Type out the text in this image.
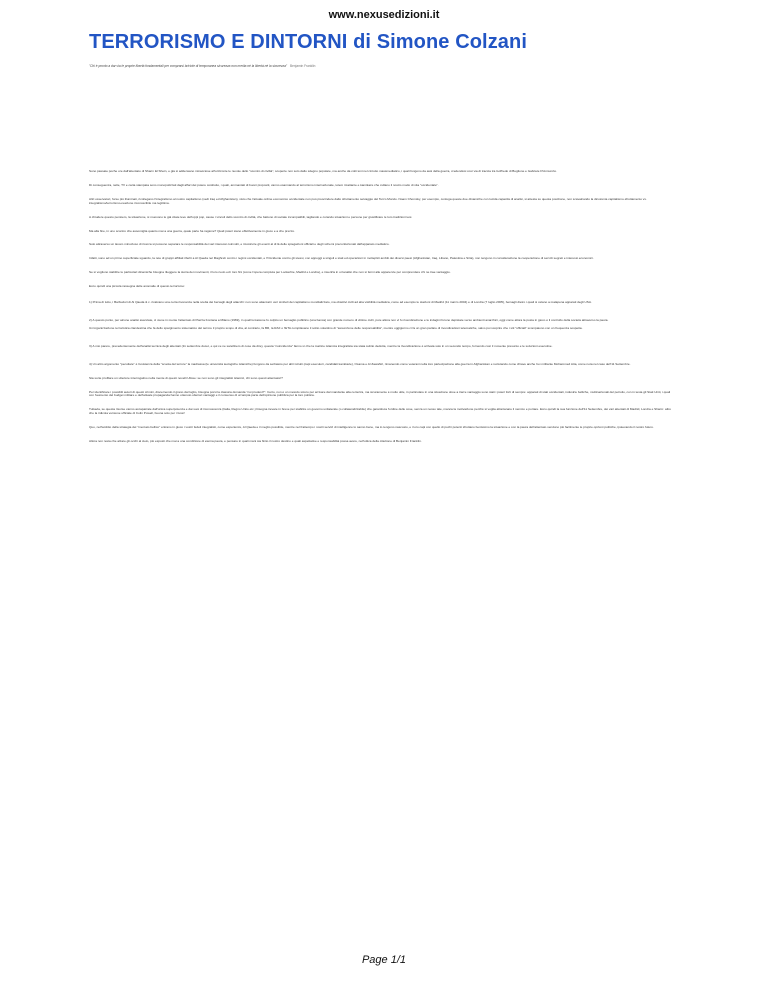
www.nexusedizioni.it
TERRORISMO E DINTORNI di Simone Colzani
"Chi è pronto a dar via le proprie libertà fondamentali per comprarsi briciole di temporanea sicurezza non merita né la libertà né la sicurezza" Benjamin Franklin
Sono passate poche ore dall'attentato di Sharm El Shein, e già si addensano minacciose all'orizzonte le nuvole dello "scontro di civiltà", scoperte non solo dallo sdegno popolare, ma anche da colti toni nel circuito massmediatico, i quali fungono da assi della guerra, credendosi così via di traccia tra Goffredo di Buglione e Gabriele D'Annunzio.
Di conseguenza, nelle, TV e carta stampata sono monopolizzati dagli affari del potere costituito, i quali, ammantati di buoni propositi, vanno osannando al terrorismo internazionale, totem ricattante e kamikaze che cullano il nostro modo di vita "occidentale".
Altri osservatori, forse più illuminati, ricollegano l'integralismo al nostro capitalismo (vedi Iraq ed Afghanistan), visto che l'attuale ordine economico occidentale non può prescindere dallo sfruttamento selvaggio del Terzo Mondo. Noam Chomsky, per esempio, coniuga queste due dinamiche con lucida capacità di analisi, si attesta su questa posizione, non scavalcando la dicotomia capitalismo-sfruttamento vs. integralismo/terrorismo-reazione riconoscibile ma legittima.
A chiudere questo pensiero, la situazione, si muovono le già citate leve dell'oppi pop, cause i vincoli dello scontro di civiltà, che battono di sociale incompatibili, tagliando e curando situazioni e persone per giustificare le loro tradizioni tesi.
Ma alla fine, in uno scontro che assomiglia quanto mai a una guerra, quale parte ha ragione? Quali poteri siano effettivamente in gioco e a che prezzo.
Solo attraverso un lavoro minuzioso di ricerca si possono separare le responsabilità dei vari interessi coinvolti, e ricostruire gli eventi al di là delle spiegazioni ufficiali e degli schemi preconfezionati dall'apparato mediatico.
Infatti, sono ad un primo superficiale sguardo, la rete di gruppi affiliati riferiti a Al Qaeda nel Maghreb contro i regimi occidentali, e l'Occidente contro gli stessi, con appoggi a singoli e stati ed operazioni in molteplici ambiti dei diversi paesi (Afghanistan, Iraq, Libano, Palestina e Siria), non tengono in considerazione la cooperazione di servizi segreti e interessi economici.
Se si vogliono stabilire le particolari dinamiche bisogna rileggere la storia dei movimenti, il loro ruolo ed i loro fini (come l'opera compiuta per Lockerbie, Madrid e Londra), e inserirla in un'analisi che non si fermi alle apparenze per comprendere chi ne trae vantaggio.
Ecco quindi una piccola rassegna delle anomalie di questo terrorismo:
1) Prima di tutto, i Barbuduri di Al Qaeda & c. ricalcano una certa risonanza nella scelta dei bersagli degli attacchi: non sono attaccati i veri simboli del capitalismo mondializzato, ma obiettivi civili ad alta visibilità mediatica, come ad esempio le stazioni di Madrid (11 marzo 2004) e di Londra (7 luglio 2005), bersagli dietro i quali si celano a malapena apparati degli USA.
2) A questo punto, per alcune analisi avanzate, ci viene in mente l'attentato di Piazza Fontana a Milano (1969), in quell'occasione fu colpito un bersaglio pubblico (una banca) con grande numero di vittime civili, pure allora non vi fu rivendicazione e le indagini furono depistate verso ambienti anarchici, oggi come allora la posta in gioco è il controllo della società attraverso la paura.
Un'organizzazione terroristica clandestina che fa dello spargimento sistematico del terrore il proprio scopo di vita, al contrario, fa BR, la RAF o l'ETA compilavano il solito volantino di "assunzione delle responsabilità", mentre oggigiorno ci fa un gran parlare di rivendicazioni telematiche, salvo poi scoprire che i siti "ufficiali" scompaiono con un frequenza sospetta.
3) A mio parere, precedentemente dell'analisi tecnica degli attentati (11 settembre docet, e qui ce ne sarebbero di cose da dire), questa "coincidenza" fanno sì che la matrice islamica integralista sia stata subito dedotta, mentre la rivendicazione è arrivata solo in un secondo tempo, fornendo così il movente presunto e le soluzioni esecutive.
4) Un altro argomento "peculiare" è l'esistenza della "scuola del terrore" la madrassa (le università teologiche islamiche) fungono da serbatoio per altri istruiti (capi esecutori, candidati kamikaze), Osama e Al Zawahiri, rimanendo come veterani nella loro partecipazione alla guerra in Afghanistan e reclutando come chiave anche l'ex militante Mohammed Atta, come nota nel caso dell'11 Settembre.
Sta sorte profilare un ulteriore interrogativo nella mente di questi novelli Ulisse: se non sono gli integralisti islamici, chi sono questi attentatori?
Per identificare i possibili autori di questi crimini, discernendo il grano dal loglio, bisogna porsi la classica domanda "cui prodest?". Certo, non è un metodo sicuro per arrivare dal mandante alla certezza, ma sicuramente è molto utile, in particolare in una situazione dove a trarre vantaggio sono stati i poteri forti di sempre: apparati di stati occidentali, industrie belliche, multinazionali del petrolio, con in testa gli Stati Uniti, i quali con l'aumento del budget militare e dell'attuale propaganda hanno ottenuto ulteriori vantaggi e il consenso di un'ampia parte dell'opinione pubblica per la loro politica.
Tuttavia, se questa risorse vanno accaparrate dall'unica superpotenza e dai suoi di riconoscenza (Italia, Regno Unito etc.) bisogna rievare in breve per stabilire un governo unilaterale (o collateralizzabile) che garantisca l'ordine delle cose, senza un nesso tale, manca la motivazione perché si voglia allontanare il nemico e portare. Ecco quindi la sua funzione dell'11 Settembre, dei vari attentati di Madrid, Londra e Sharm: altro che la ridicola versione ufficiale di Colin Powell, buona solo per i fessi!
Quo, nell'ambito della strategia del "mercato bellico" entrano in gioco i vostri fedeli integralisti, come esperienze, Al Qaeda e il meglio possibile, mentre nel frattempo i nostri servizi di intelligence lo sanno bene, ma lo tengono nascosto, e i loro capi con quello di pochi potenti sfruttano benissimo la situazione e con la paura dell'attentato vendono più facilmente le proprie opzioni politiche, ipotecando il nostro futuro.
Allora non resta che alzare gli occhi al cielo, più esposti che mai a una condizione di eterna paura, e pensare in quali mani sia finito il nostro destino e quali aspettative e responsabilità possa avere, nell'ottica della citazione di Benjamin Franklin.
Page 1/1
